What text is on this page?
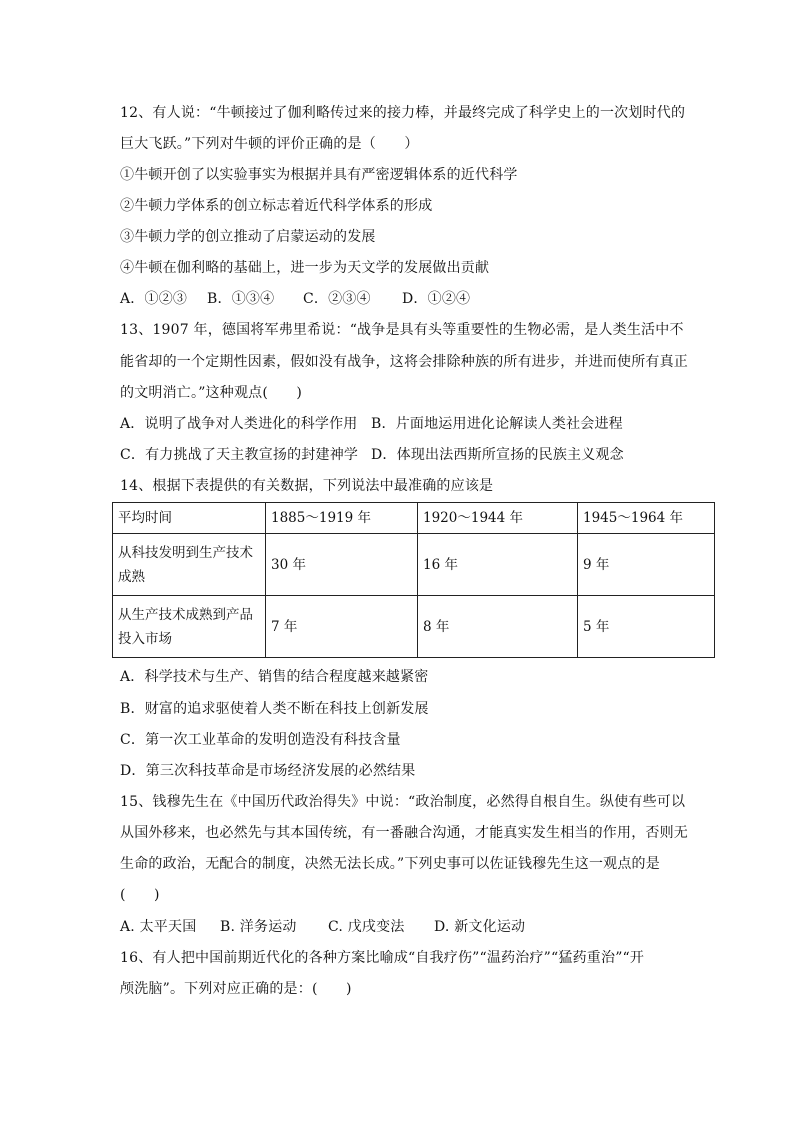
12、有人说：“牛顿接过了伽利略传过来的接力棒，并最终完成了科学史上的一次划时代的
巨大飞跃。”下列对牛顿的评价正确的是（　　）
①牛顿开创了以实验事实为根据并具有严密逻辑体系的近代科学
②牛顿力学体系的创立标志着近代科学体系的形成
③牛顿力学的创立推动了启蒙运动的发展
④牛顿在伽利略的基础上，进一步为天文学的发展做出贡献
A．①②③ B．①③④ C．②③④ D．①②④
13、1907 年，德国将军弗里希说：“战争是具有头等重要性的生物必需，是人类生活中不
能省却的一个定期性因素，假如没有战争，这将会排除种族的所有进步，并进而使所有真正
的文明消亡。”这种观点(　　)
A．说明了战争对人类进化的科学作用 B．片面地运用进化论解读人类社会进程
C．有力挑战了天主教宣扬的封建神学 D．体现出法西斯所宣扬的民族主义观念
14、根据下表提供的有关数据，下列说法中最准确的应该是
平均时间	1885～1919 年	1920～1944 年	1945～1964 年

从科技发明到生产技术
成熟	30 年	16 年	9 年

从生产技术成熟到产品
投入市场	7 年	8 年	5 年
A．科学技术与生产、销售的结合程度越来越紧密
B．财富的追求驱使着人类不断在科技上创新发展
C．第一次工业革命的发明创造没有科技含量
D．第三次科技革命是市场经济发展的必然结果
15、钱穆先生在《中国历代政治得失》中说：“政治制度，必然得自根自生。纵使有些可以
从国外移来，也必然先与其本国传统，有一番融合沟通，才能真实发生相当的作用，否则无
生命的政治，无配合的制度，决然无法长成。”下列史事可以佐证钱穆先生这一观点的是
(　　)
A. 太平天国 B. 洋务运动 C. 戊戌变法 D. 新文化运动
16、有人把中国前期近代化的各种方案比喻成“自我疗伤”“温药治疗”“猛药重治”“开
颅洗脑”。下列对应正确的是：(　　)
